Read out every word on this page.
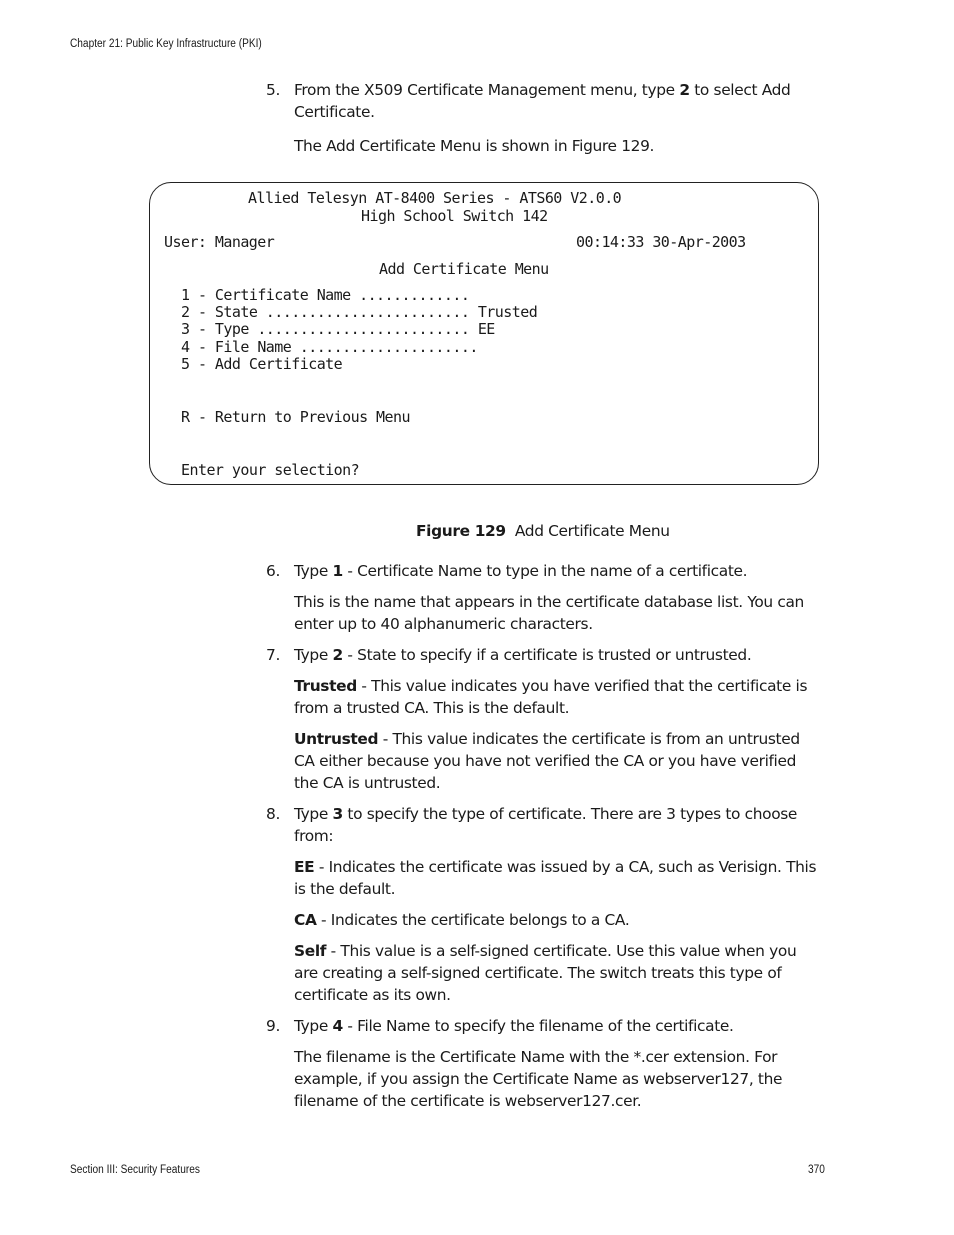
Chapter 21: Public Key Infrastructure (PKI)
5. From the X509 Certificate Management menu, type 2 to select Add Certificate.
The Add Certificate Menu is shown in Figure 129.
Allied Telesyn AT-8400 Series - ATS60 V2.0.0
High School Switch 142
User: Manager	00:14:33 30-Apr-2003
Add Certificate Menu
1 - Certificate Name .............
2 - State ........................ Trusted
3 - Type ......................... EE
4 - File Name .....................
5 - Add Certificate
R - Return to Previous Menu
Enter your selection?
Figure 129 Add Certificate Menu
6. Type 1 - Certificate Name to type in the name of a certificate.
This is the name that appears in the certificate database list. You can enter up to 40 alphanumeric characters.
7. Type 2 - State to specify if a certificate is trusted or untrusted.
Trusted - This value indicates you have verified that the certificate is from a trusted CA. This is the default.
Untrusted - This value indicates the certificate is from an untrusted CA either because you have not verified the CA or you have verified the CA is untrusted.
8. Type 3 to specify the type of certificate. There are 3 types to choose from:
EE - Indicates the certificate was issued by a CA, such as Verisign. This is the default.
CA - Indicates the certificate belongs to a CA.
Self - This value is a self-signed certificate. Use this value when you are creating a self-signed certificate. The switch treats this type of certificate as its own.
9. Type 4 - File Name to specify the filename of the certificate.
The filename is the Certificate Name with the *.cer extension. For example, if you assign the Certificate Name as webserver127, the filename of the certificate is webserver127.cer.
Section III: Security Features	370
